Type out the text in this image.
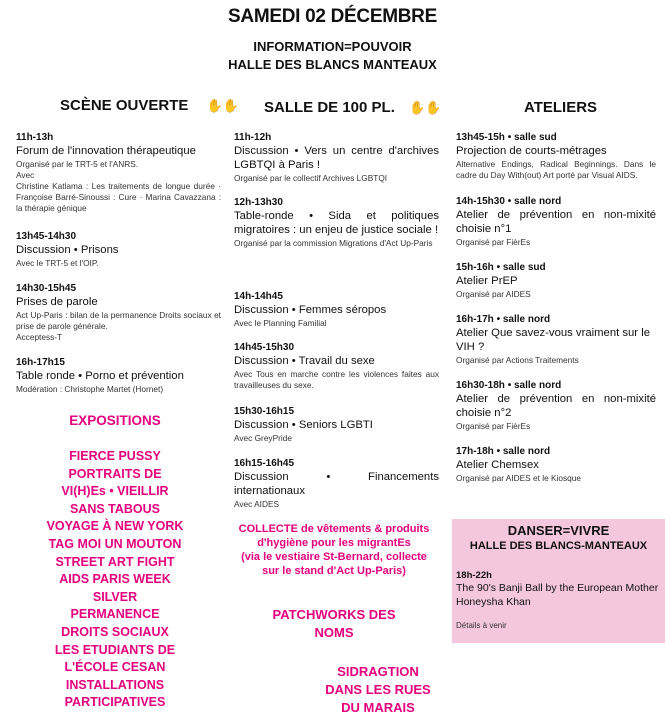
SAMEDI 02 DÉCEMBRE
INFORMATION=POUVOIR
HALLE DES BLANCS MANTEAUX
SCÈNE OUVERTE ✋✋ SALLE DE 100 PL. ✋✋	ATELIERS
11h-13h
Forum de l'innovation thérapeutique
Organisé par le TRT-5 et l'ANRS.
Avec
Christine Katlama : Les traitements de longue durée · Françoise Barré-Sinoussi : Cure · Marina Cavazzana : la thérapie génique
13h45-14h30
Discussion • Prisons
Avec le TRT-5 et l'OIP.
14h30-15h45
Prises de parole
Act Up-Paris : bilan de la permanence Droits sociaux et prise de parole générale.
Acceptess-T
16h-17h15
Table ronde • Porno et prévention
Modération : Christophe Martet (Hornet)
EXPOSITIONS
FIERCE PUSSY
PORTRAITS DE
VI(H)Es • VIEILLIR
SANS TABOUS
VOYAGE À NEW YORK
TAG MOI UN MOUTON
STREET ART FIGHT
AIDS PARIS WEEK
SILVER
PERMANENCE
DROITS SOCIAUX
LES ETUDIANTS DE
L'ÉCOLE CESAN
INSTALLATIONS
PARTICIPATIVES
11h-12h
Discussion • Vers un centre d'archives LGBTQI à Paris !
Organisé par le collectif Archives LGBTQI
12h-13h30
Table-ronde • Sida et politiques migratoires : un enjeu de justice sociale !
Organisé par la commission Migrations d'Act Up-Paris
14h-14h45
Discussion • Femmes séropos
Avec le Planning Familial
14h45-15h30
Discussion • Travail du sexe
Avec Tous en marche contre les violences faites aux travailleuses du sexe.
15h30-16h15
Discussion • Seniors LGBTI
Avec GreyPride
16h15-16h45
Discussion • Financements internationaux
Avec AIDES
COLLECTE de vêtements & produits
d'hygiène pour les migrantEs
(via le vestiaire St-Bernard, collecte
sur le stand d'Act Up-Paris)
PATCHWORKS DES
NOMS
SIDRAGTION
DANS LES RUES
DU MARAIS
13h45-15h • salle sud
Projection de courts-métrages
Alternative Endings, Radical Beginnings. Dans le cadre du Day With(out) Art porté par Visual AIDS.
14h-15h30 • salle nord
Atelier de prévention en non-mixité choisie n°1
Organisé par FièrEs
15h-16h • salle sud
Atelier PrEP
Organisé par AIDES
16h-17h • salle nord
Atelier Que savez-vous vraiment sur le VIH ?
Organisé par Actions Traitements
16h30-18h • salle nord
Atelier de prévention en non-mixité choisie n°2
Organisé par FièrEs
17h-18h • salle nord
Atelier Chemsex
Organisé par AIDES et le Kiosque
DANSER=VIVRE
HALLE DES BLANCS-MANTEAUX
18h-22h
The 90's Banji Ball by the European Mother Honeysha Khan
Détails à venir
